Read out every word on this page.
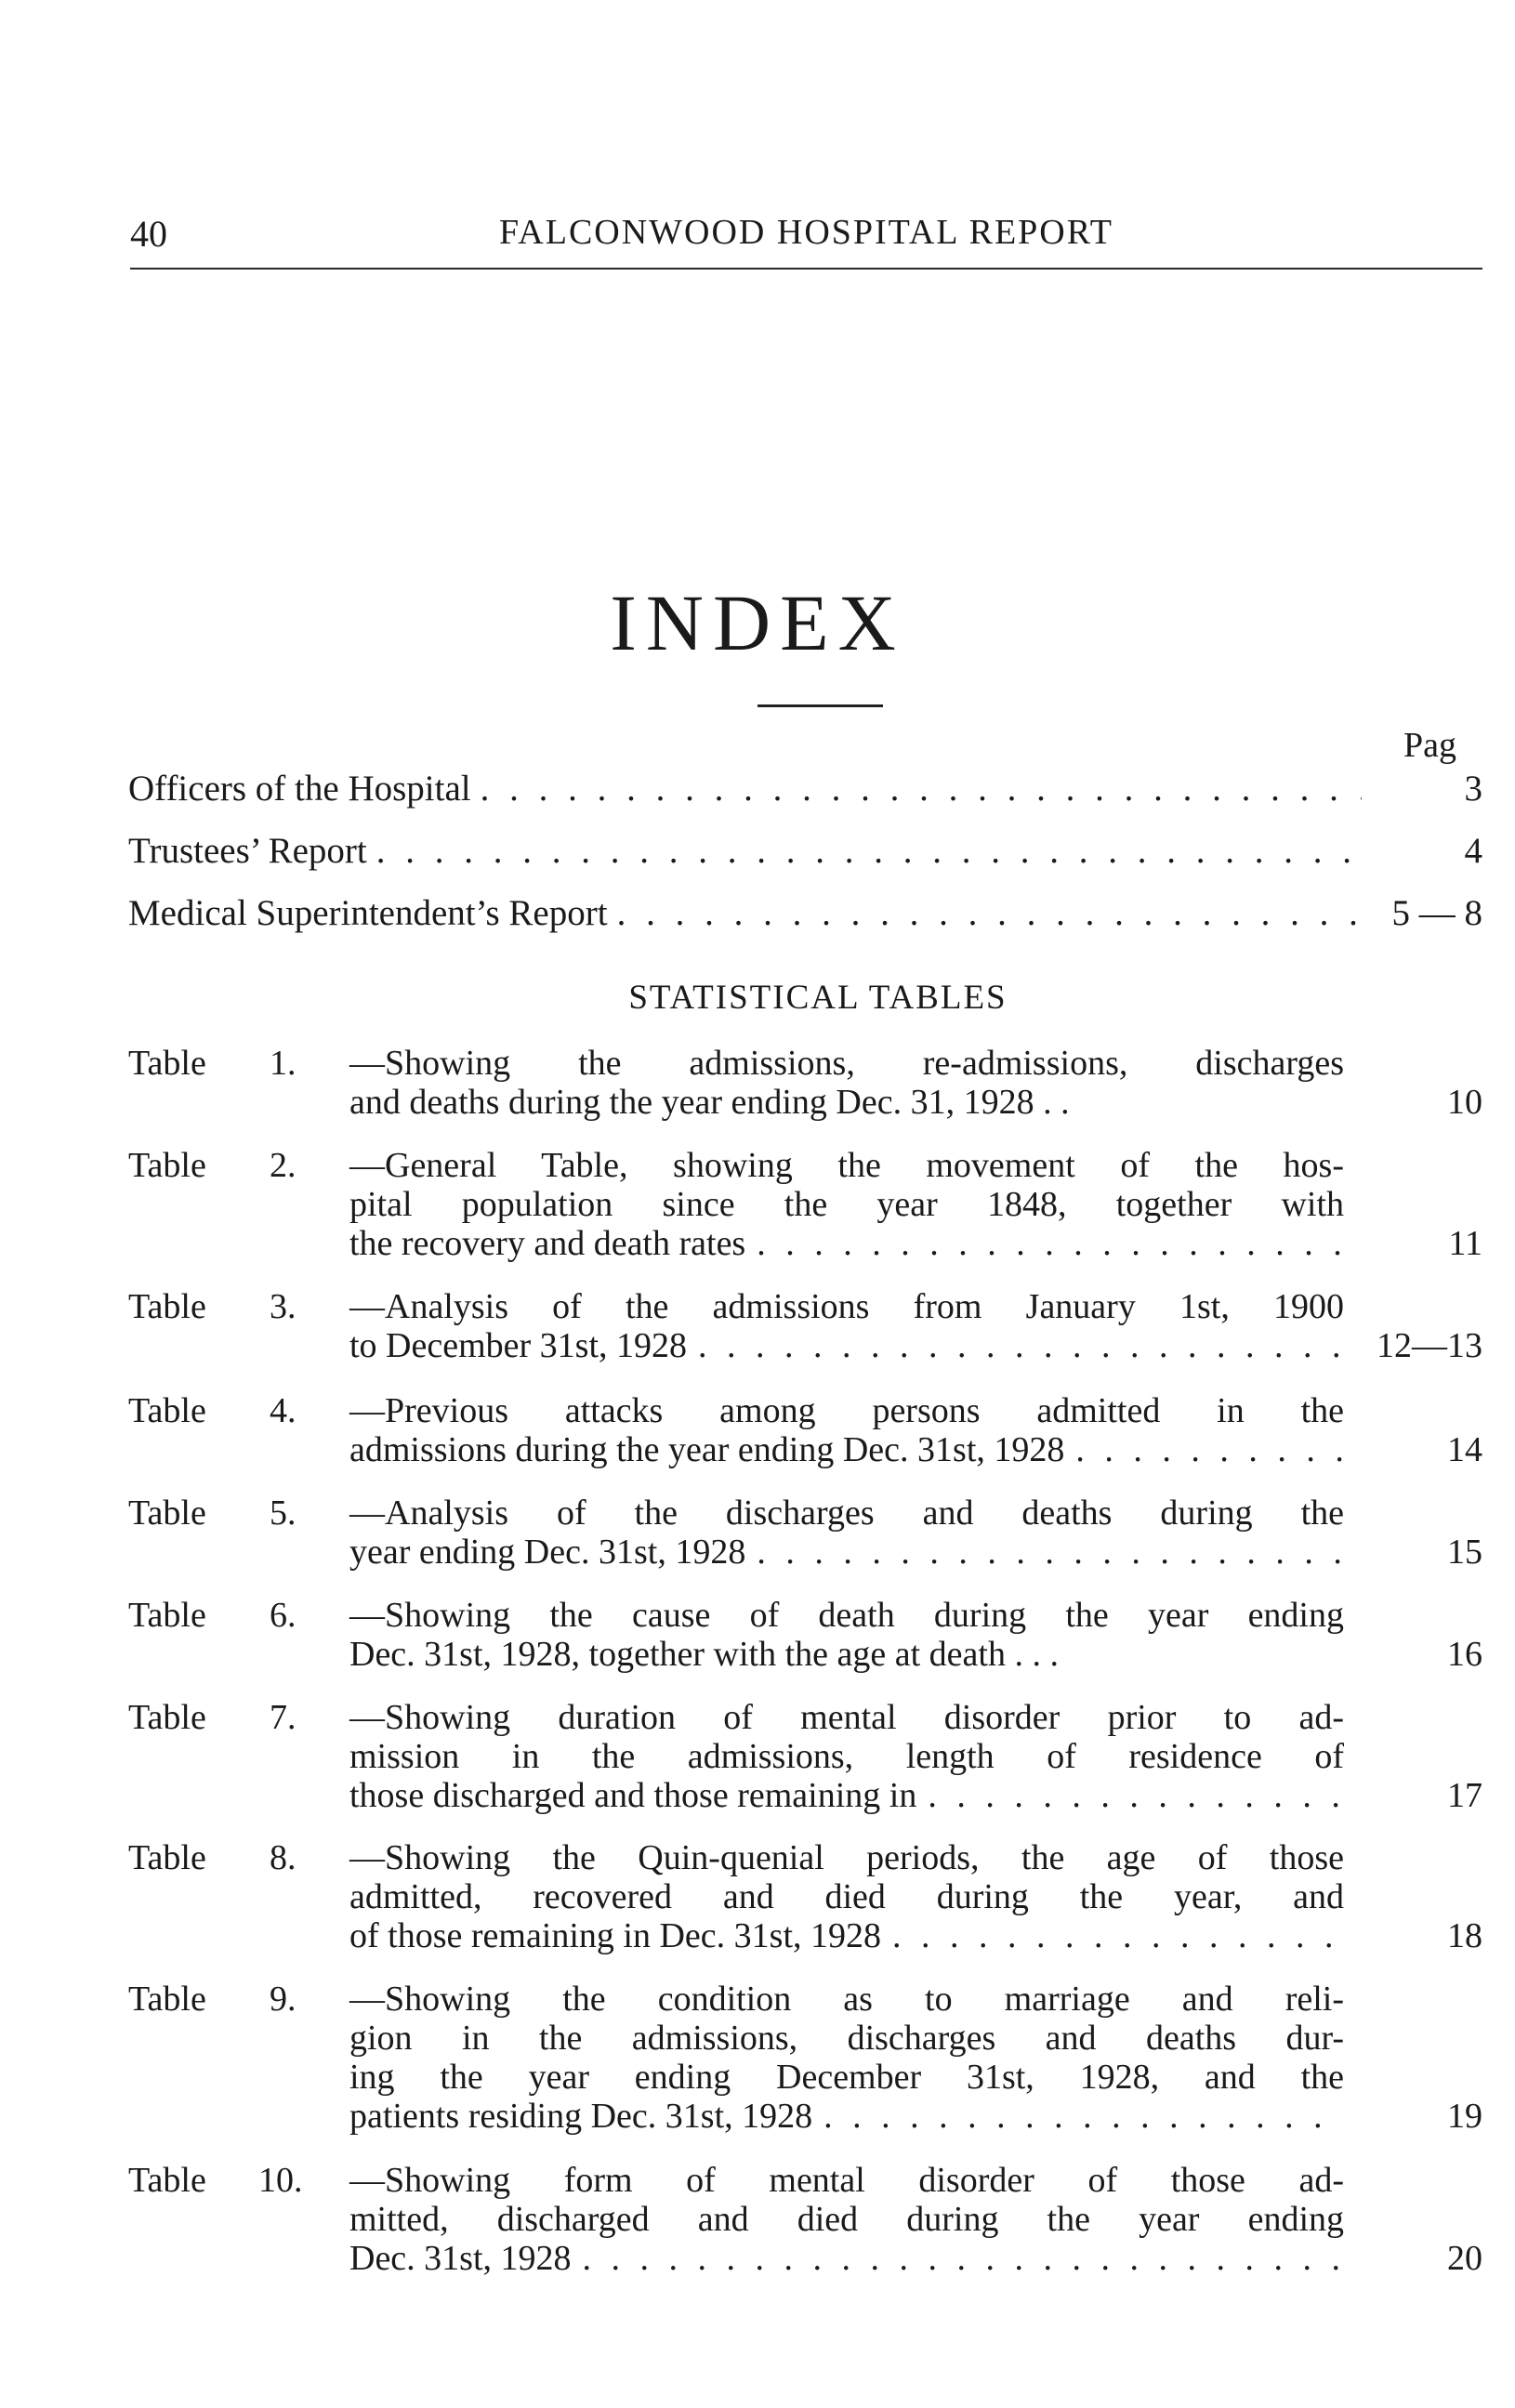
40	FALCONWOOD HOSPITAL REPORT
INDEX
Pag
Officers of the Hospital . . .	3
Trustees’ Report . . .	4
Medical Superintendent’s Report . . .	5 — 8
STATISTICAL TABLES
Table 1. —Showing the admissions, re-admissions, discharges
and deaths during the year ending Dec. 31, 1928 . .	10
Table 2. —General Table, showing the movement of the hos-
pital population since the year 1848, together with
the recovery and death rates . . .	11
Table 3. —Analysis of the admissions from January 1st, 1900
to December 31st, 1928 . . .	12—13
Table 4. —Previous attacks among persons admitted in the
admissions during the year ending Dec. 31st, 1928 . . .	14
Table 5. —Analysis of the discharges and deaths during the
year ending Dec. 31st, 1928 . . .	15
Table 6. —Showing the cause of death during the year ending
Dec. 31st, 1928, together with the age at death . . .	16
Table 7. —Showing duration of mental disorder prior to ad-
mission in the admissions, length of residence of
those discharged and those remaining in . . .	17
Table 8. —Showing the Quin-quenial periods, the age of those
admitted, recovered and died during the year, and
of those remaining in Dec. 31st, 1928 . . .	18
Table 9. —Showing the condition as to marriage and reli-
gion in the admissions, discharges and deaths dur-
ing the year ending December 31st, 1928, and the
patients residing Dec. 31st, 1928 . . .	19
Table 10. —Showing form of mental disorder of those ad-
mitted, discharged and died during the year ending
Dec. 31st, 1928 . . .	20
